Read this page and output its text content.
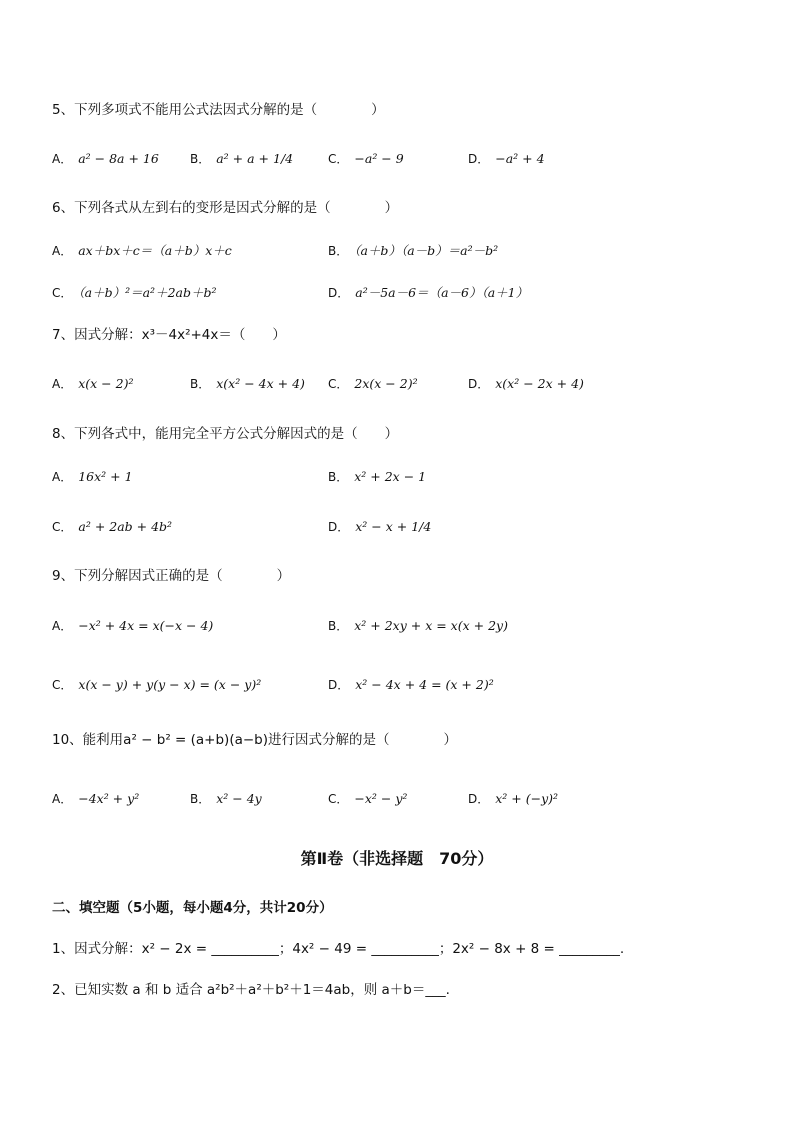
5、下列多项式不能用公式法因式分解的是（　　　　）
A． a² − 8a + 16	B． a² + a + 1/4	C． −a² − 9	D． −a² + 4
6、下列各式从左到右的变形是因式分解的是（　　　　）
A． ax＋bx＋c＝（a＋b）x＋c	B． （a＋b）（a－b）＝a²－b²
C． （a＋b）²＝a²＋2ab＋b²	D． a²－5a－6＝（a－6）（a＋1）
7、因式分解：x³－4x²+4x＝（　　）
A． x(x − 2)²	B． x(x² − 4x + 4) C． 2x(x − 2)²	D． x(x² − 2x + 4)
8、下列各式中，能用完全平方公式分解因式的是（　　）
A． 16x² + 1	B． x² + 2x − 1
C． a² + 2ab + 4b²	D． x² − x + 1/4
9、下列分解因式正确的是（　　　　）
A． −x² + 4x = x(−x − 4)	B． x² + 2xy + x = x(x + 2y)
C． x(x − y) + y(y − x) = (x − y)²	D． x² − 4x + 4 = (x + 2)²
10、能利用a² − b² = (a+b)(a−b)进行因式分解的是（　　　　）
A． −4x² + y²	B． x² − 4y	C． −x² − y²	D． x² + (−y)²
第Ⅱ卷（非选择题　70分）
二、填空题（5小题，每小题4分，共计20分）
1、因式分解：x² − 2x = __________；4x² − 49 = __________；2x² − 8x + 8 = _________.
2、已知实数 a 和 b 适合 a²b²＋a²＋b²＋1＝4ab，则 a＋b＝___.
